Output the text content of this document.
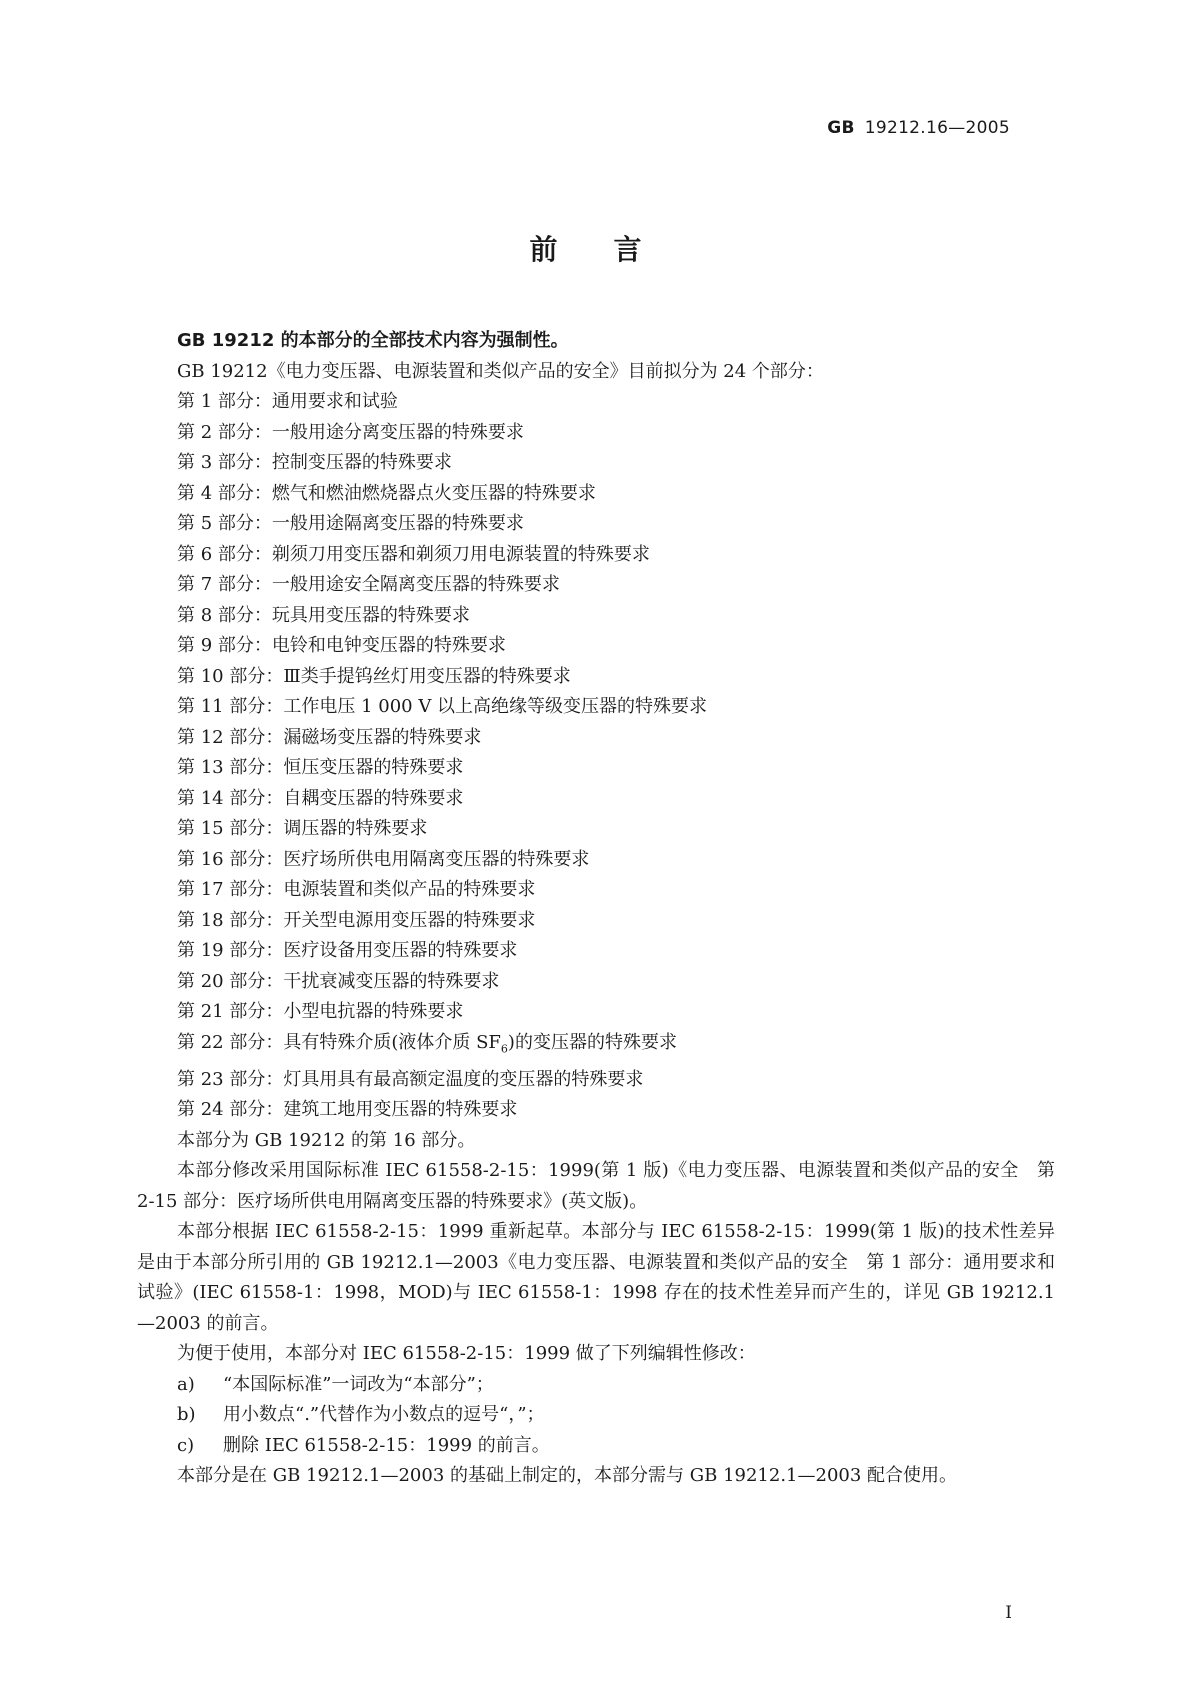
GB 19212.16—2005
前言

GB 19212 的本部分的全部技术内容为强制性。

GB 19212《电力变压器、电源装置和类似产品的安全》目前拟分为 24 个部分：

第 1 部分：通用要求和试验

第 2 部分：一般用途分离变压器的特殊要求

第 3 部分：控制变压器的特殊要求

第 4 部分：燃气和燃油燃烧器点火变压器的特殊要求

第 5 部分：一般用途隔离变压器的特殊要求

第 6 部分：剃须刀用变压器和剃须刀用电源装置的特殊要求

第 7 部分：一般用途安全隔离变压器的特殊要求

第 8 部分：玩具用变压器的特殊要求

第 9 部分：电铃和电钟变压器的特殊要求

第 10 部分：Ⅲ类手提钨丝灯用变压器的特殊要求

第 11 部分：工作电压 1 000 V 以上高绝缘等级变压器的特殊要求

第 12 部分：漏磁场变压器的特殊要求

第 13 部分：恒压变压器的特殊要求

第 14 部分：自耦变压器的特殊要求

第 15 部分：调压器的特殊要求

第 16 部分：医疗场所供电用隔离变压器的特殊要求

第 17 部分：电源装置和类似产品的特殊要求

第 18 部分：开关型电源用变压器的特殊要求

第 19 部分：医疗设备用变压器的特殊要求

第 20 部分：干扰衰减变压器的特殊要求

第 21 部分：小型电抗器的特殊要求

第 22 部分：具有特殊介质(液体介质 $SF_6$)的变压器的特殊要求

第 23 部分：灯具用具有最高额定温度的变压器的特殊要求

第 24 部分：建筑工地用变压器的特殊要求

本部分为 GB 19212 的第 16 部分。

本部分修改采用国际标准 IEC 61558-2-15：1999(第 1 版)《电力变压器、电源装置和类似产品的安全　第 2-15 部分：医疗场所供电用隔离变压器的特殊要求》(英文版)。

本部分根据 IEC 61558-2-15：1999 重新起草。本部分与 IEC 61558-2-15：1999(第 1 版)的技术性差异是由于本部分所引用的 GB 19212.1—2003《电力变压器、电源装置和类似产品的安全　第 1 部分：通用要求和试验》(IEC 61558-1：1998，MOD)与 IEC 61558-1：1998 存在的技术性差异而产生的，详见 GB 19212.1—2003 的前言。

为便于使用，本部分对 IEC 61558-2-15：1999 做了下列编辑性修改：

a) “本国际标准”一词改为“本部分”；

b) 用小数点“.”代替作为小数点的逗号“，”；

c) 删除 IEC 61558-2-15：1999 的前言。

本部分是在 GB 19212.1—2003 的基础上制定的，本部分需与 GB 19212.1—2003 配合使用。

I
